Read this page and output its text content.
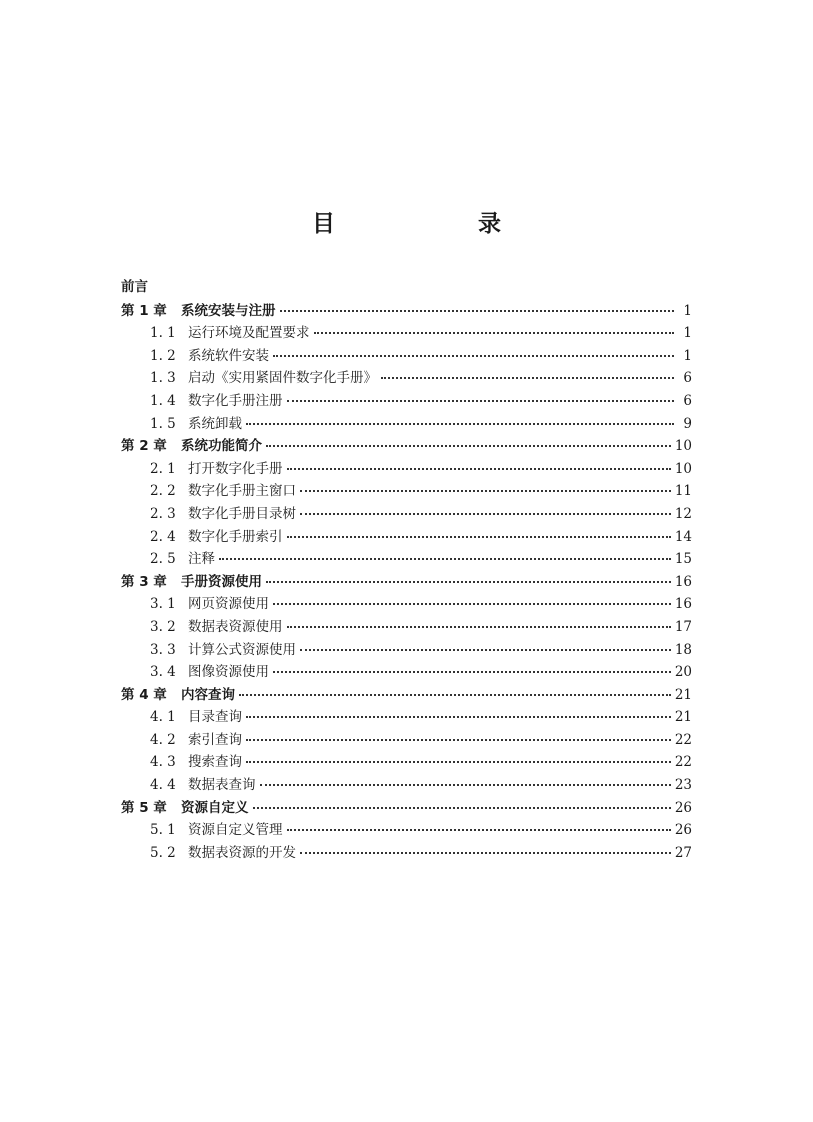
目　录
前言
第 1 章 系统安装与注册	1
1. 1 运行环境及配置要求	1
1. 2 系统软件安装	1
1. 3 启动《实用紧固件数字化手册》	6
1. 4 数字化手册注册	6
1. 5 系统卸载	9
第 2 章 系统功能简介	10
2. 1 打开数字化手册	10
2. 2 数字化手册主窗口	11
2. 3 数字化手册目录树	12
2. 4 数字化手册索引	14
2. 5 注释	15
第 3 章 手册资源使用	16
3. 1 网页资源使用	16
3. 2 数据表资源使用	17
3. 3 计算公式资源使用	18
3. 4 图像资源使用	20
第 4 章 内容查询	21
4. 1 目录查询	21
4. 2 索引查询	22
4. 3 搜索查询	22
4. 4 数据表查询	23
第 5 章 资源自定义	26
5. 1 资源自定义管理	26
5. 2 数据表资源的开发	27
